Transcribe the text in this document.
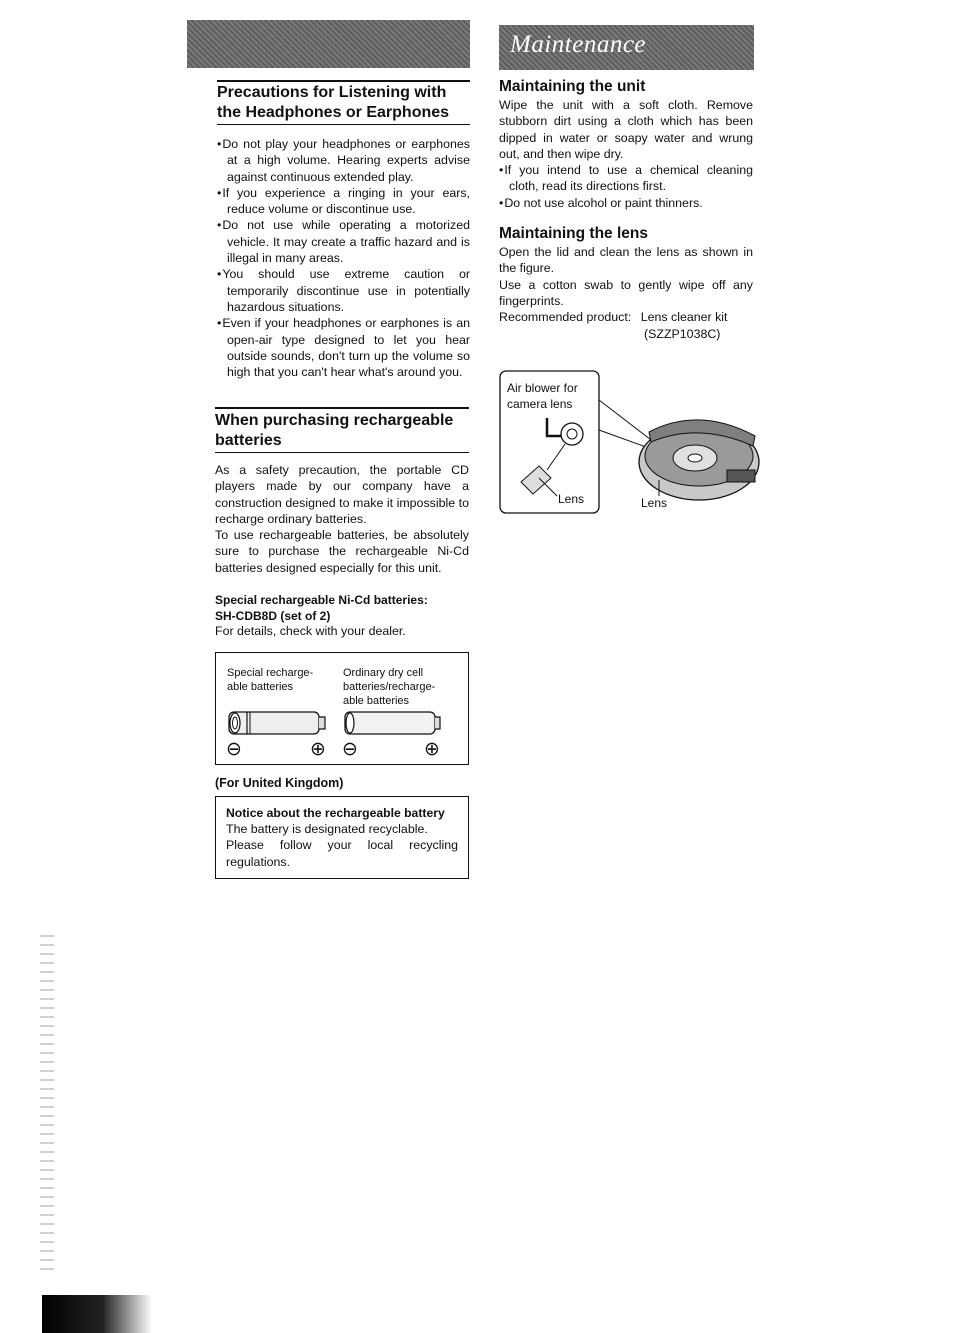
Maintenance
Precautions for Listening with
the Headphones or Earphones
• Do not play your headphones or earphones at a high volume. Hearing experts advise against continuous extended play.
• If you experience a ringing in your ears, reduce volume or discontinue use.
• Do not use while operating a motorized vehicle. It may create a traffic hazard and is illegal in many areas.
• You should use extreme caution or temporarily discontinue use in potentially hazardous situations.
• Even if your headphones or earphones is an open-air type designed to let you hear outside sounds, don't turn up the volume so high that you can't hear what's around you.
When purchasing rechargeable
batteries

As a safety precaution, the portable CD players made by our company have a construction designed to make it impossible to recharge ordinary batteries.

To use rechargeable batteries, be absolutely sure to purchase the rechargeable Ni-Cd batteries designed especially for this unit.

Special rechargeable Ni-Cd batteries:
SH-CDB8D (set of 2)
For details, check with your dealer.
Special recharge-
able batteries
Ordinary dry cell
batteries/recharge-
able batteries
⊖	⊕ ⊖	⊕
(For United Kingdom)
Notice about the rechargeable battery
The battery is designated recyclable.
Please follow your local recycling regulations.
Maintaining the unit

Wipe the unit with a soft cloth. Remove stubborn dirt using a cloth which has been dipped in water or soapy water and wrung out, and then wipe dry.

• If you intend to use a chemical cleaning cloth, read its directions first.
• Do not use alcohol or paint thinners.
Maintaining the lens

Open the lid and clean the lens as shown in the figure.

Use a cotton swab to gently wipe off any fingerprints.

Recommended product: Lens cleaner kit
(SZZP1038C)
Air blower for
camera lens
Lens	Lens
